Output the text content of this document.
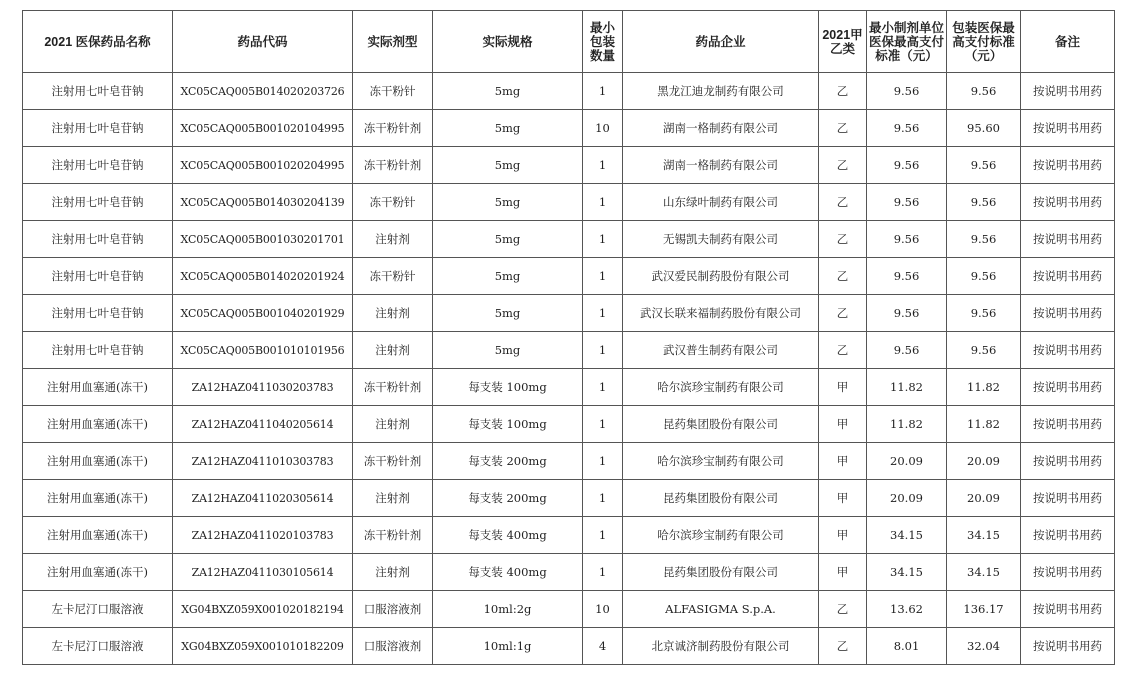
2021 医保药品名称	药品代码	实际剂型	实际规格	最小包装数量	药品企业	2021甲乙类	最小制剂单位医保最高支付标准（元）	包装医保最高支付标准（元）	备注
注射用七叶皂苷钠	XC05CAQ005B014020203726	冻干粉针	5mg	1	黑龙江迪龙制药有限公司	乙	9.56	9.56	按说明书用药
注射用七叶皂苷钠	XC05CAQ005B001020104995	冻干粉针剂	5mg	10	湖南一格制药有限公司	乙	9.56	95.60	按说明书用药
注射用七叶皂苷钠	XC05CAQ005B001020204995	冻干粉针剂	5mg	1	湖南一格制药有限公司	乙	9.56	9.56	按说明书用药
注射用七叶皂苷钠	XC05CAQ005B014030204139	冻干粉针	5mg	1	山东绿叶制药有限公司	乙	9.56	9.56	按说明书用药
注射用七叶皂苷钠	XC05CAQ005B001030201701	注射剂	5mg	1	无锡凯夫制药有限公司	乙	9.56	9.56	按说明书用药
注射用七叶皂苷钠	XC05CAQ005B014020201924	冻干粉针	5mg	1	武汉爱民制药股份有限公司	乙	9.56	9.56	按说明书用药
注射用七叶皂苷钠	XC05CAQ005B001040201929	注射剂	5mg	1	武汉长联来福制药股份有限公司	乙	9.56	9.56	按说明书用药
注射用七叶皂苷钠	XC05CAQ005B001010101956	注射剂	5mg	1	武汉普生制药有限公司	乙	9.56	9.56	按说明书用药
注射用血塞通(冻干)	ZA12HAZ0411030203783	冻干粉针剂	每支装 100mg	1	哈尔滨珍宝制药有限公司	甲	11.82	11.82	按说明书用药
注射用血塞通(冻干)	ZA12HAZ0411040205614	注射剂	每支装 100mg	1	昆药集团股份有限公司	甲	11.82	11.82	按说明书用药
注射用血塞通(冻干)	ZA12HAZ0411010303783	冻干粉针剂	每支装 200mg	1	哈尔滨珍宝制药有限公司	甲	20.09	20.09	按说明书用药
注射用血塞通(冻干)	ZA12HAZ0411020305614	注射剂	每支装 200mg	1	昆药集团股份有限公司	甲	20.09	20.09	按说明书用药
注射用血塞通(冻干)	ZA12HAZ0411020103783	冻干粉针剂	每支装 400mg	1	哈尔滨珍宝制药有限公司	甲	34.15	34.15	按说明书用药
注射用血塞通(冻干)	ZA12HAZ0411030105614	注射剂	每支装 400mg	1	昆药集团股份有限公司	甲	34.15	34.15	按说明书用药
左卡尼汀口服溶液	XG04BXZ059X001020182194	口服溶液剂	10ml:2g	10	ALFASIGMA S.p.A.	乙	13.62	136.17	按说明书用药
左卡尼汀口服溶液	XG04BXZ059X001010182209	口服溶液剂	10ml:1g	4	北京诚济制药股份有限公司	乙	8.01	32.04	按说明书用药
